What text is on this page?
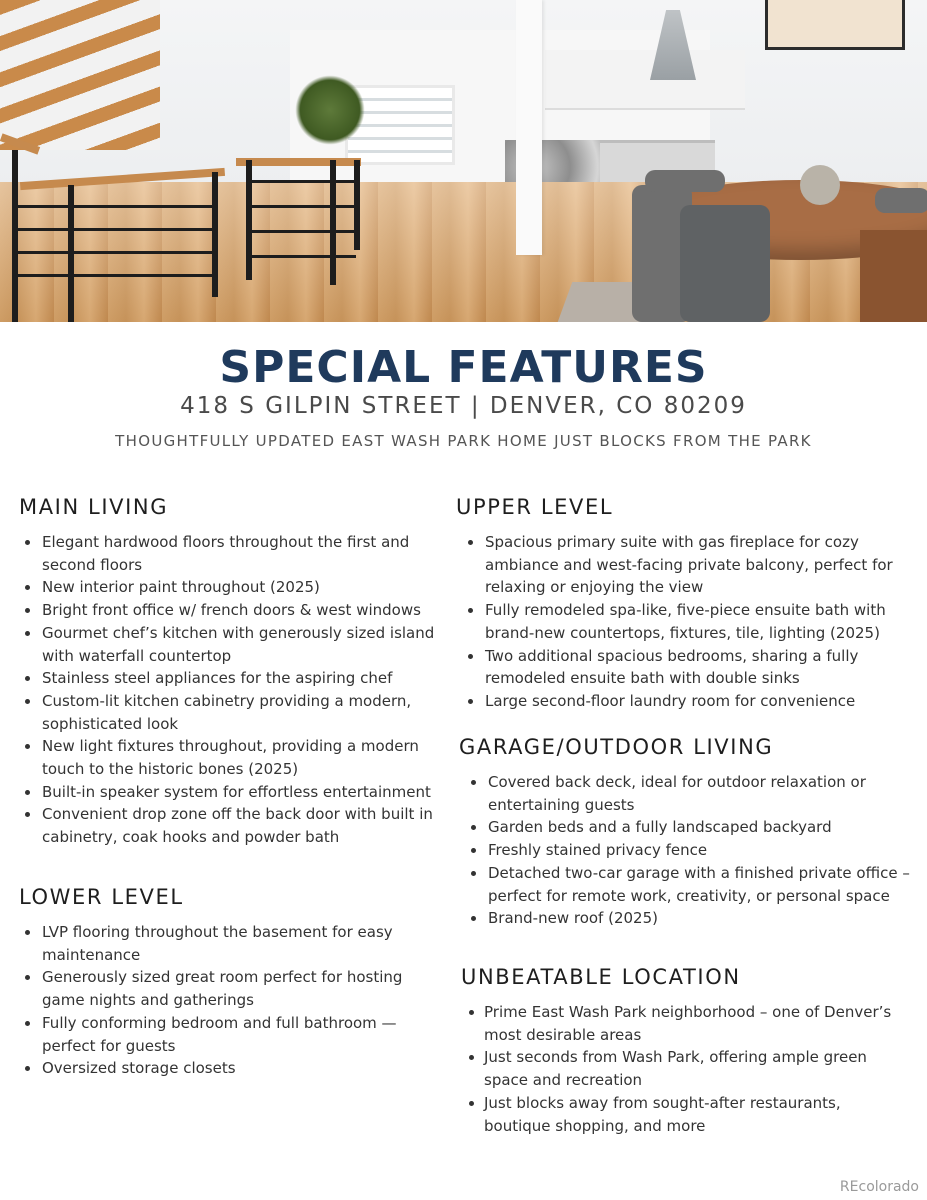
SPECIAL FEATURES
418 S GILPIN STREET | DENVER, CO 80209
THOUGHTFULLY UPDATED EAST WASH PARK HOME JUST BLOCKS FROM THE PARK
MAIN LIVING
Elegant hardwood floors throughout the first and second floors
New interior paint throughout (2025)
Bright front office w/ french doors & west windows
Gourmet chef’s kitchen with generously sized island with waterfall countertop
Stainless steel appliances for the aspiring chef
Custom-lit kitchen cabinetry providing a modern, sophisticated look
New light fixtures throughout, providing a modern touch to the historic bones (2025)
Built-in speaker system for effortless entertainment
Convenient drop zone off the back door with built in cabinetry, coak hooks and powder bath
LOWER LEVEL
LVP flooring throughout the basement for easy maintenance
Generously sized great room perfect for hosting game nights and gatherings
Fully conforming bedroom and full bathroom — perfect for guests
Oversized storage closets
UPPER LEVEL
Spacious primary suite with gas fireplace for cozy ambiance and west-facing private balcony, perfect for relaxing or enjoying the view
Fully remodeled spa-like, five-piece ensuite bath with brand-new countertops, fixtures, tile, lighting (2025)
Two additional spacious bedrooms, sharing a fully remodeled ensuite bath with double sinks
Large second-floor laundry room for convenience
GARAGE/OUTDOOR LIVING
Covered back deck, ideal for outdoor relaxation or entertaining guests
Garden beds and a fully landscaped backyard
Freshly stained privacy fence
Detached two-car garage with a finished private office – perfect for remote work, creativity, or personal space
Brand-new roof (2025)
UNBEATABLE LOCATION
Prime East Wash Park neighborhood – one of Denver’s most desirable areas
Just seconds from Wash Park, offering ample green space and recreation
Just blocks away from sought-after restaurants, boutique shopping, and more
REcolorado
